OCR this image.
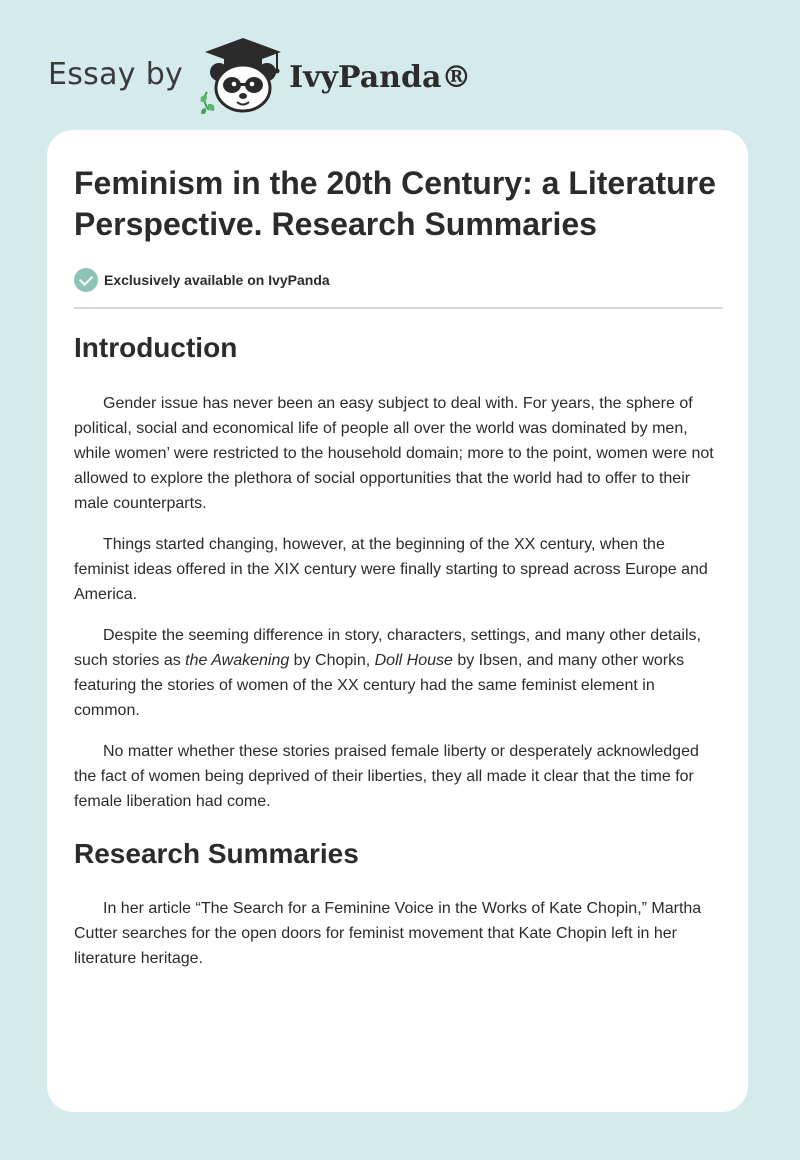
Essay by	IvyPanda®
Feminism in the 20th Century: a Literature Perspective. Research Summaries
Exclusively available on IvyPanda
Introduction

Gender issue has never been an easy subject to deal with. For years, the sphere of political, social and economical life of people all over the world was dominated by men, while women’ were restricted to the household domain; more to the point, women were not allowed to explore the plethora of social opportunities that the world had to offer to their male counterparts.

Things started changing, however, at the beginning of the XX century, when the feminist ideas offered in the XIX century were finally starting to spread across Europe and America.

Despite the seeming difference in story, characters, settings, and many other details, such stories as the Awakening by Chopin, Doll House by Ibsen, and many other works featuring the stories of women of the XX century had the same feminist element in common.

No matter whether these stories praised female liberty or desperately acknowledged the fact of women being deprived of their liberties, they all made it clear that the time for female liberation had come.

Research Summaries

In her article “The Search for a Feminine Voice in the Works of Kate Chopin,” Martha Cutter searches for the open doors for feminist movement that Kate Chopin left in her literature heritage.
